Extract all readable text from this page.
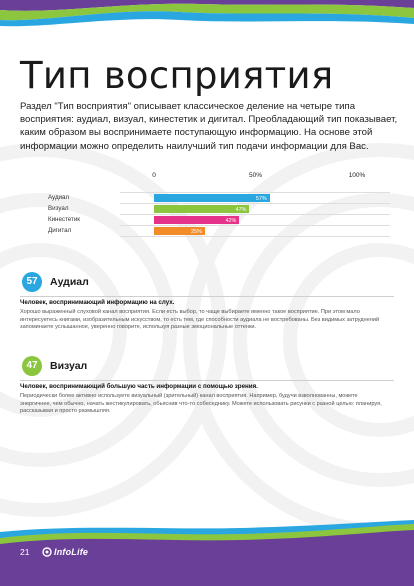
Тип восприятия
Раздел "Тип восприятия" описывает классическое деление на четыре типа восприятия: аудиал, визуал, кинестетик и дигитал. Преобладающий тип показывает, каким образом вы воспринимаете поступающую информацию. На основе этой информации можно определить наилучший тип подачи информации для Вас.
0	50%	100%
Аудиал	57%
Визуал	47%
Кинестетик	42%
Дигитал	25%
57	Аудиал
Человек, воспринимающий информацию на слух.
Хорошо выраженный слуховой канал восприятия. Если есть выбор, то чаще выбираете именно такое восприятие. При этом мало интересуетесь книгами, изобразительным искусством, то есть тем, где способности аудиала не востребованы. Без видимых затруднений запоминаете услышанное, уверенно говорите, используя разные эмоциональные оттенки.
47	Визуал
Человек, воспринимающий большую часть информации с помощью зрения.
Периодически более активно используете визуальный (зрительный) канал восприятия. Например, будучи взволнованны, можете энергичнее, чем обычно, начать жестикулировать, обьяснив что-то собеседнику. Можете использовать рисунки с разной целью: планируя, рассказывая и просто размышляя.
21	InfoLife
